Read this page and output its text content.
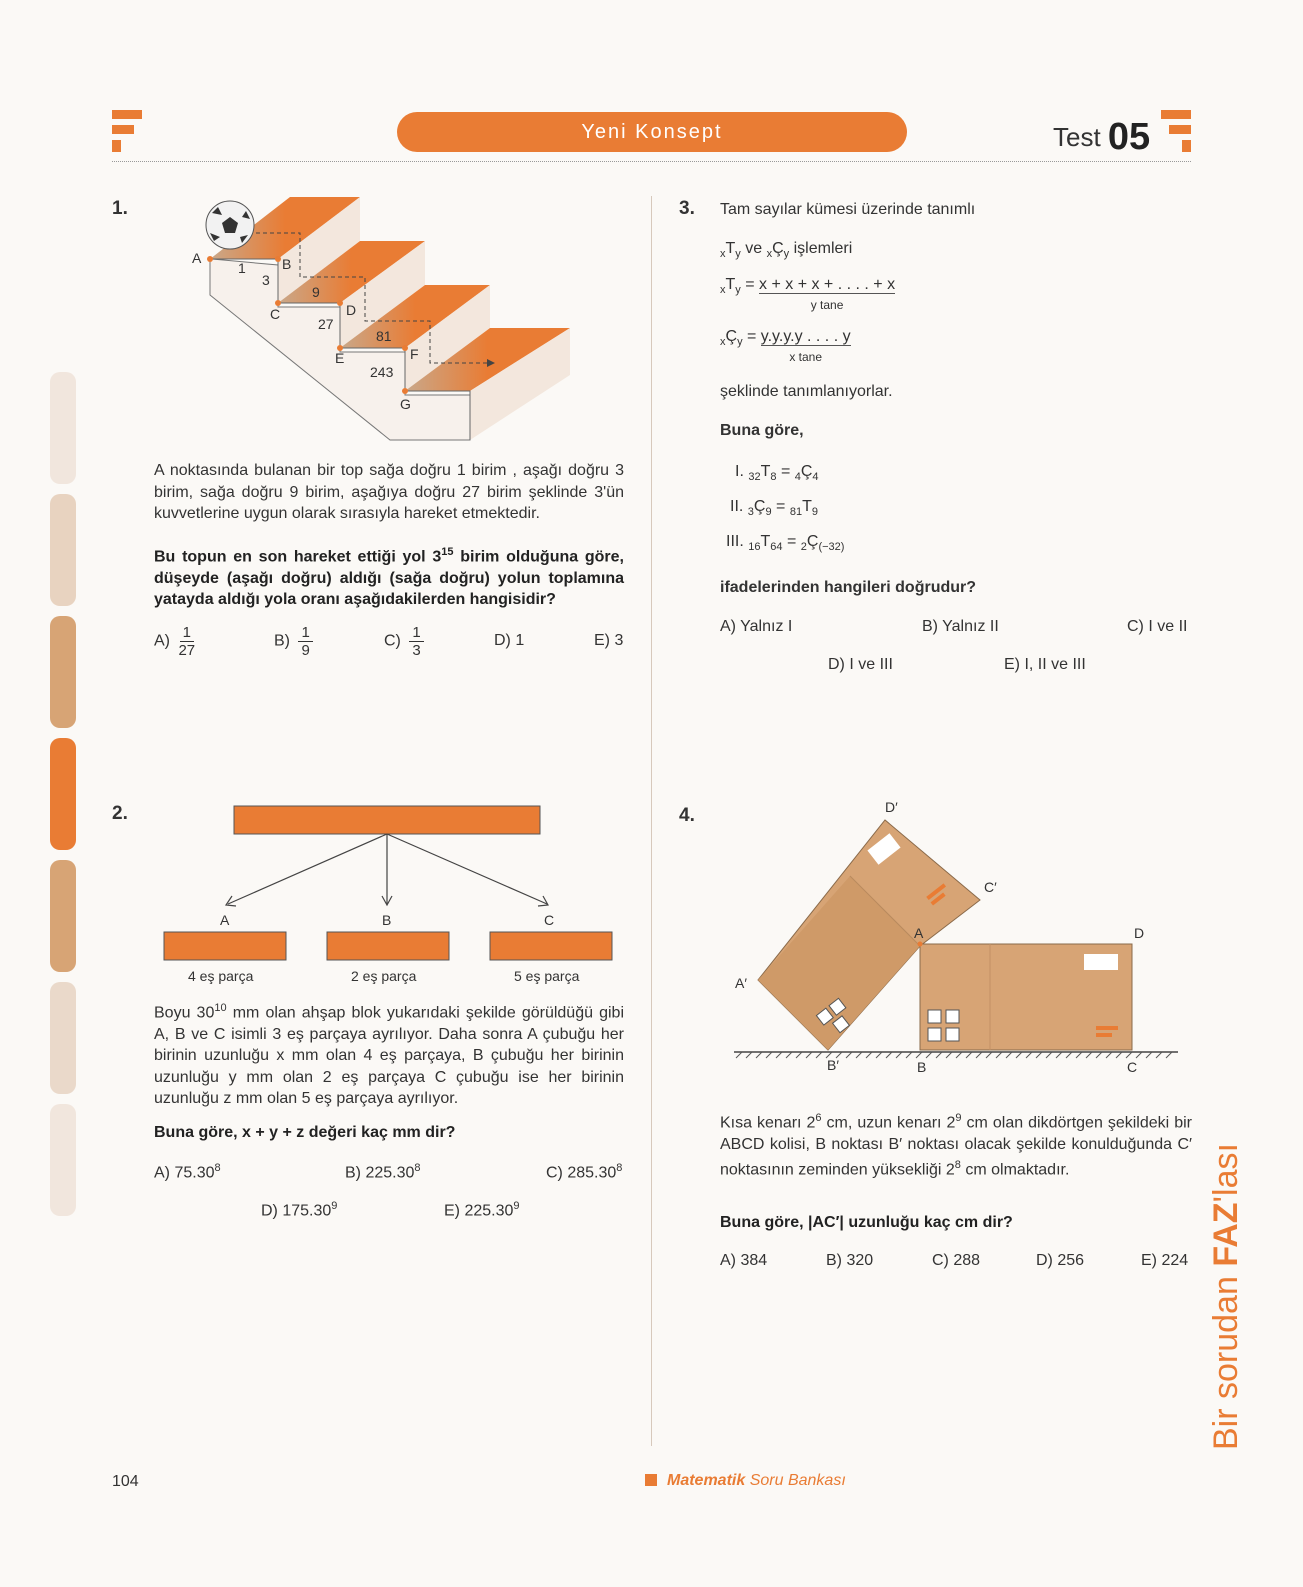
Yeni Konsept	Test 05
Bir sorudan FAZ'lası
1.
A	B
C	D
E	F
G
1
3
9
27
81
243
A noktasında bulanan bir top sağa doğru 1 birim , aşağı doğru 3 birim, sağa doğru 9 birim, aşağıya doğru 27 birim şeklinde 3'ün kuvvetlerine uygun olarak sırasıyla hareket etmektedir.
Bu topun en son hareket ettiği yol $3^{15}$ birim olduğuna göre, düşeyde (aşağı doğru) aldığı (sağa doğru) yolun toplamına yatayda aldığı yola oranı aşağıdakilerden hangisidir?
$A) \frac{1}{27}$	$B) \frac{1}{9}$	$C) \frac{1}{3}$	D) 1	E) 3
2.
A	B	C
4 eş parça	2 eş parça	5 eş parça
Boyu $30^{10}$ mm olan ahşap blok yukarıdaki şekilde görüldüğü gibi A, B ve C isimli 3 eş parçaya ayrılıyor. Daha sonra A çubuğu her birinin uzunluğu x mm olan 4 eş parçaya, B çubuğu her birinin uzunluğu y mm olan 2 eş parçaya C çubuğu ise her birinin uzunluğu z mm olan 5 eş parçaya ayrılıyor.
Buna göre, x + y + z değeri kaç mm dir?
A) 75.30$^8$	B) 225.30$^8$	C) 285.30$^8$
D) 175.30$^9$	E) 225.30$^9$
3. Tam sayılar kümesi üzerinde tanımlı
$_xT_y$ ve $_xÇ_y$ işlemleri
$_xT_y = x + x + x$ + . . . . + x
y tane
$_xÇ_y = y.y.y.y$ . . . . y
x tane
şeklinde tanımlanıyorlar.
Buna göre,
I. $_{32}T_8$ = $_4Ç_4$
II. $_3Ç_9 = _{81}T_9$
III. $_{16}T_{64}$ = $_2Ç_{(-32)}$
ifadelerinden hangileri doğrudur?
A) Yalnız I	B) Yalnız II	C) I ve II
D) I ve III	E) I, II ve III
4.	D′
C′
A	D
A′
B′	B	C
Kısa kenarı $2^6$ cm, uzun kenarı $2^9$ cm olan dikdörtgen şekildeki bir ABCD kolisi, B noktası B′ noktası olacak şekilde konulduğunda C′ noktasının zeminden yüksekliği $2^8$ cm olmaktadır.
Buna göre, |AC′| uzunluğu kaç cm dir?
A) 384	B) 320	C) 288	D) 256	E) 224
104	Matematik Soru Bankası
